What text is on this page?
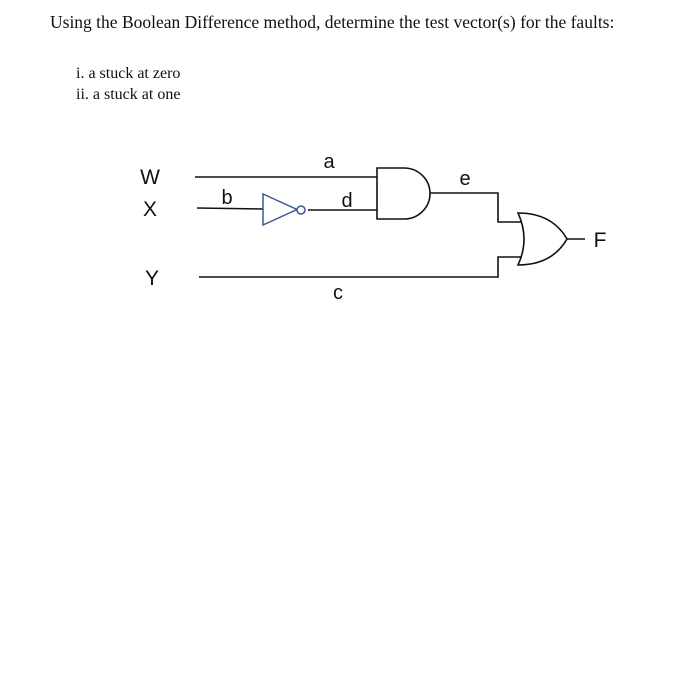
Using the Boolean Difference method, determine the test vector(s) for the faults:
i. a stuck at zero
ii. a stuck at one
W
X
Y
a
b	d
e
c
F
